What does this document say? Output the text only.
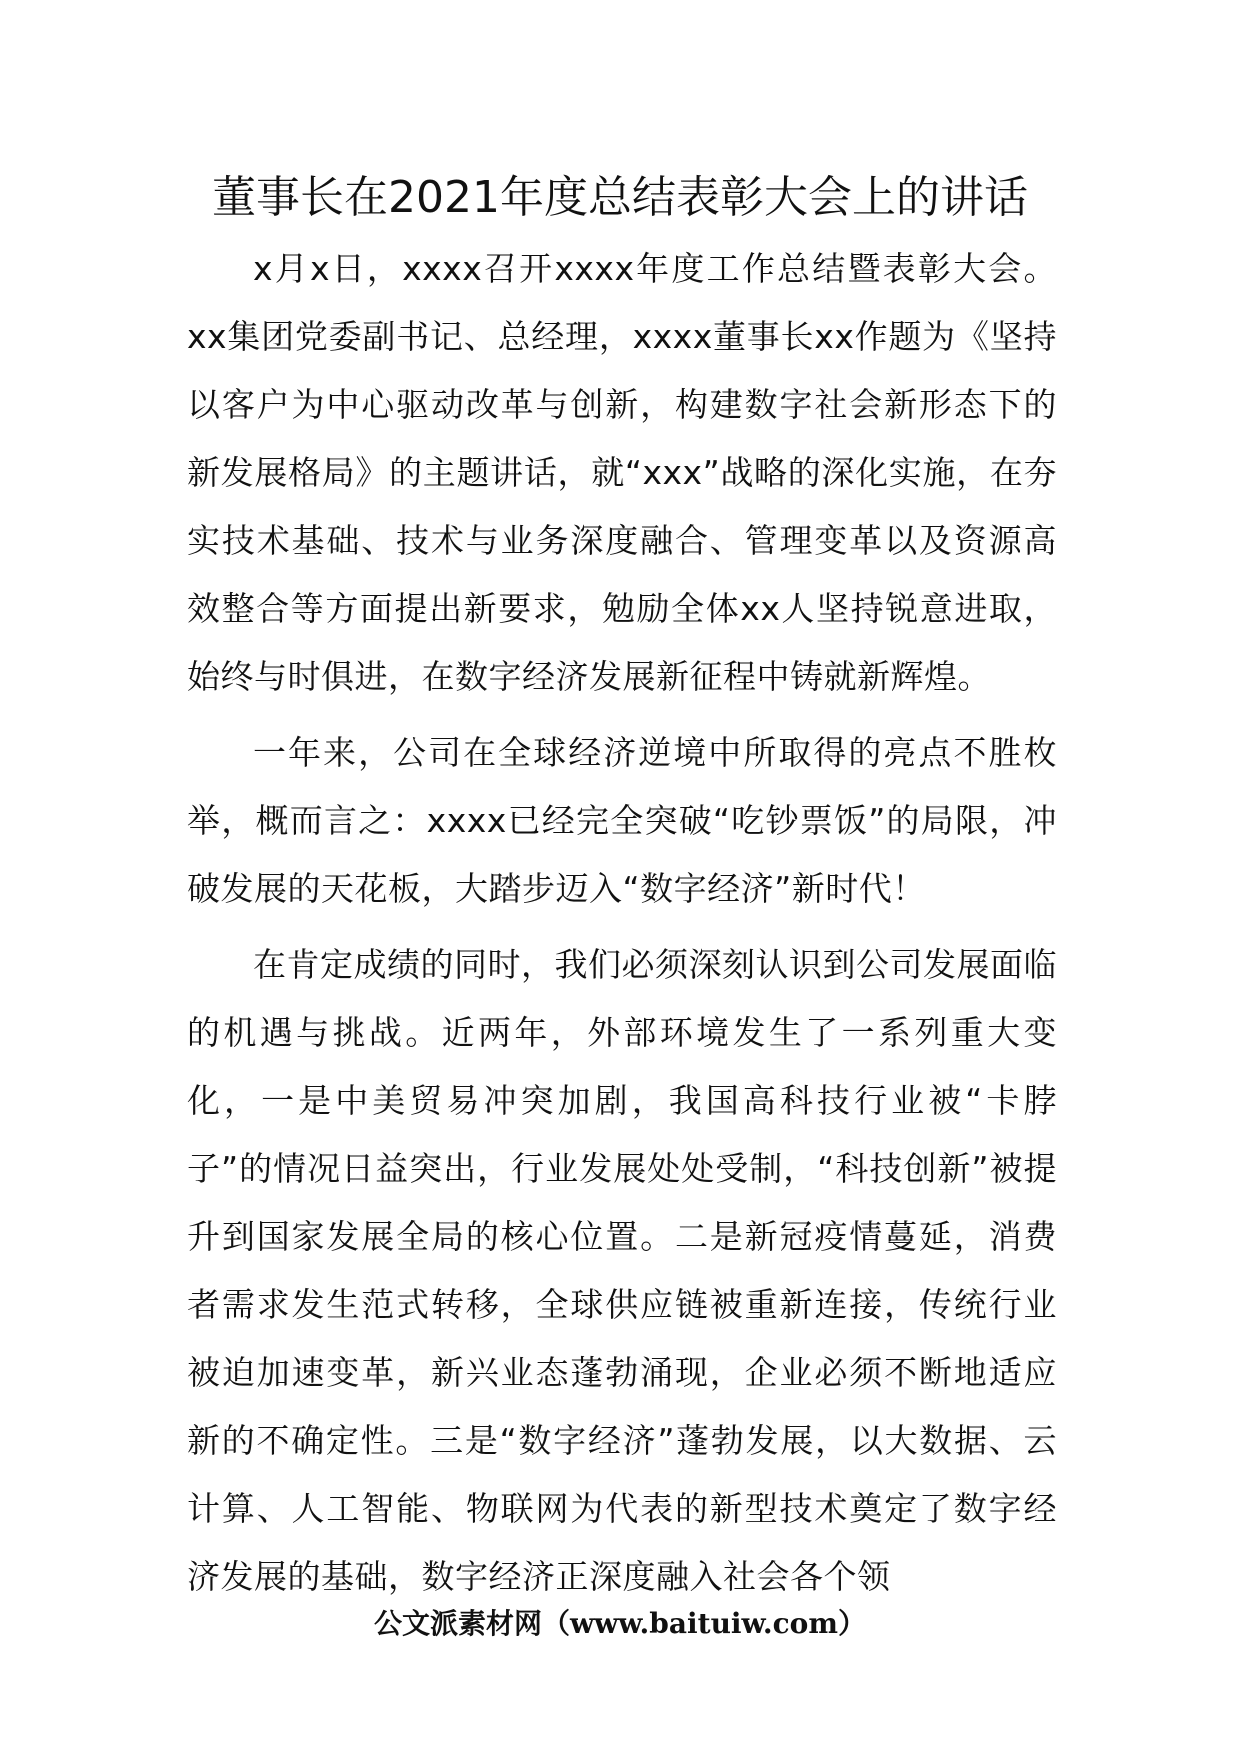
董事长在2021年度总结表彰大会上的讲话

x月x日，xxxx召开xxxx年度工作总结暨表彰大会。xx集团党委副书记、总经理，xxxx董事长xx作题为《坚持以客户为中心驱动改革与创新，构建数字社会新形态下的新发展格局》的主题讲话，就“xxx”战略的深化实施，在夯实技术基础、技术与业务深度融合、管理变革以及资源高效整合等方面提出新要求，勉励全体xx人坚持锐意进取，始终与时俱进，在数字经济发展新征程中铸就新辉煌。

一年来，公司在全球经济逆境中所取得的亮点不胜枚举，概而言之：xxxx已经完全突破“吃钞票饭”的局限，冲破发展的天花板，大踏步迈入“数字经济”新时代！

在肯定成绩的同时，我们必须深刻认识到公司发展面临的机遇与挑战。近两年，外部环境发生了一系列重大变化，一是中美贸易冲突加剧，我国高科技行业被“卡脖子”的情况日益突出，行业发展处处受制，“科技创新”被提升到国家发展全局的核心位置。二是新冠疫情蔓延，消费者需求发生范式转移，全球供应链被重新连接，传统行业被迫加速变革，新兴业态蓬勃涌现，企业必须不断地适应新的不确定性。三是“数字经济”蓬勃发展，以大数据、云计算、人工智能、物联网为代表的新型技术奠定了数字经济发展的基础，数字经济正深度融入社会各个领

公文派素材网（www.baituiw.com）
